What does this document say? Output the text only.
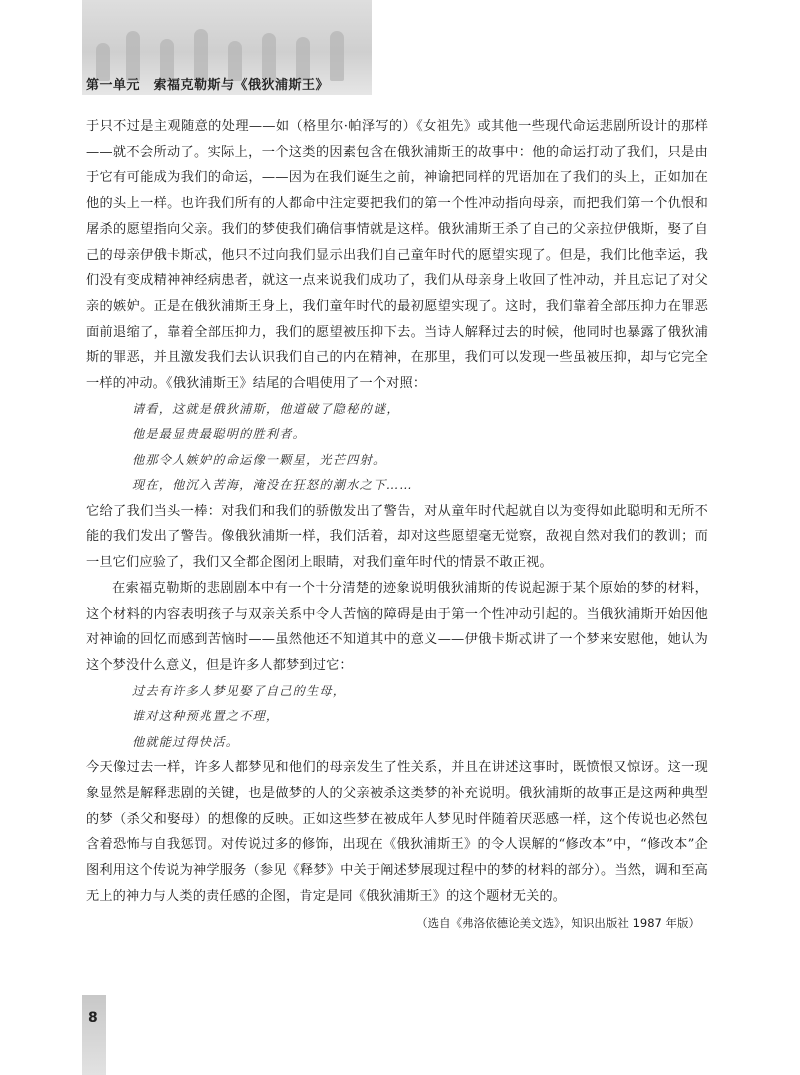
第一单元　索福克勒斯与《俄狄浦斯王》

于只不过是主观随意的处理——如（格里尔·帕泽写的）《女祖先》或其他一些现代命运悲剧所设计的那样——就不会所动了。实际上，一个这类的因素包含在俄狄浦斯王的故事中：他的命运打动了我们，只是由于它有可能成为我们的命运，——因为在我们诞生之前，神谕把同样的咒语加在了我们的头上，正如加在他的头上一样。也许我们所有的人都命中注定要把我们的第一个性冲动指向母亲，而把我们第一个仇恨和屠杀的愿望指向父亲。我们的梦使我们确信事情就是这样。俄狄浦斯王杀了自己的父亲拉伊俄斯，娶了自己的母亲伊俄卡斯忒，他只不过向我们显示出我们自己童年时代的愿望实现了。但是，我们比他幸运，我们没有变成精神神经病患者，就这一点来说我们成功了，我们从母亲身上收回了性冲动，并且忘记了对父亲的嫉妒。正是在俄狄浦斯王身上，我们童年时代的最初愿望实现了。这时，我们靠着全部压抑力在罪恶面前退缩了，靠着全部压抑力，我们的愿望被压抑下去。当诗人解释过去的时候，他同时也暴露了俄狄浦斯的罪恶，并且激发我们去认识我们自己的内在精神，在那里，我们可以发现一些虽被压抑，却与它完全一样的冲动。《俄狄浦斯王》结尾的合唱使用了一个对照：

请看，这就是俄狄浦斯，他道破了隐秘的谜，
他是最显贵最聪明的胜利者。
他那令人嫉妒的命运像一颗星，光芒四射。
现在，他沉入苦海，淹没在狂怒的潮水之下……

它给了我们当头一棒：对我们和我们的骄傲发出了警告，对从童年时代起就自以为变得如此聪明和无所不能的我们发出了警告。像俄狄浦斯一样，我们活着，却对这些愿望毫无觉察，敌视自然对我们的教训；而一旦它们应验了，我们又全都企图闭上眼睛，对我们童年时代的情景不敢正视。

在索福克勒斯的悲剧剧本中有一个十分清楚的迹象说明俄狄浦斯的传说起源于某个原始的梦的材料，这个材料的内容表明孩子与双亲关系中令人苦恼的障碍是由于第一个性冲动引起的。当俄狄浦斯开始因他对神谕的回忆而感到苦恼时——虽然他还不知道其中的意义——伊俄卡斯忒讲了一个梦来安慰他，她认为这个梦没什么意义，但是许多人都梦到过它：

过去有许多人梦见娶了自己的生母，
谁对这种预兆置之不理，
他就能过得快活。

今天像过去一样，许多人都梦见和他们的母亲发生了性关系，并且在讲述这事时，既愤恨又惊讶。这一现象显然是解释悲剧的关键，也是做梦的人的父亲被杀这类梦的补充说明。俄狄浦斯的故事正是这两种典型的梦（杀父和娶母）的想像的反映。正如这些梦在被成年人梦见时伴随着厌恶感一样，这个传说也必然包含着恐怖与自我惩罚。对传说过多的修饰，出现在《俄狄浦斯王》的令人误解的“修改本”中，“修改本”企图利用这个传说为神学服务（参见《释梦》中关于阐述梦展现过程中的梦的材料的部分）。当然，调和至高无上的神力与人类的责任感的企图，肯定是同《俄狄浦斯王》的这个题材无关的。

（选自《弗洛依德论美文选》，知识出版社 1987 年版）
8
